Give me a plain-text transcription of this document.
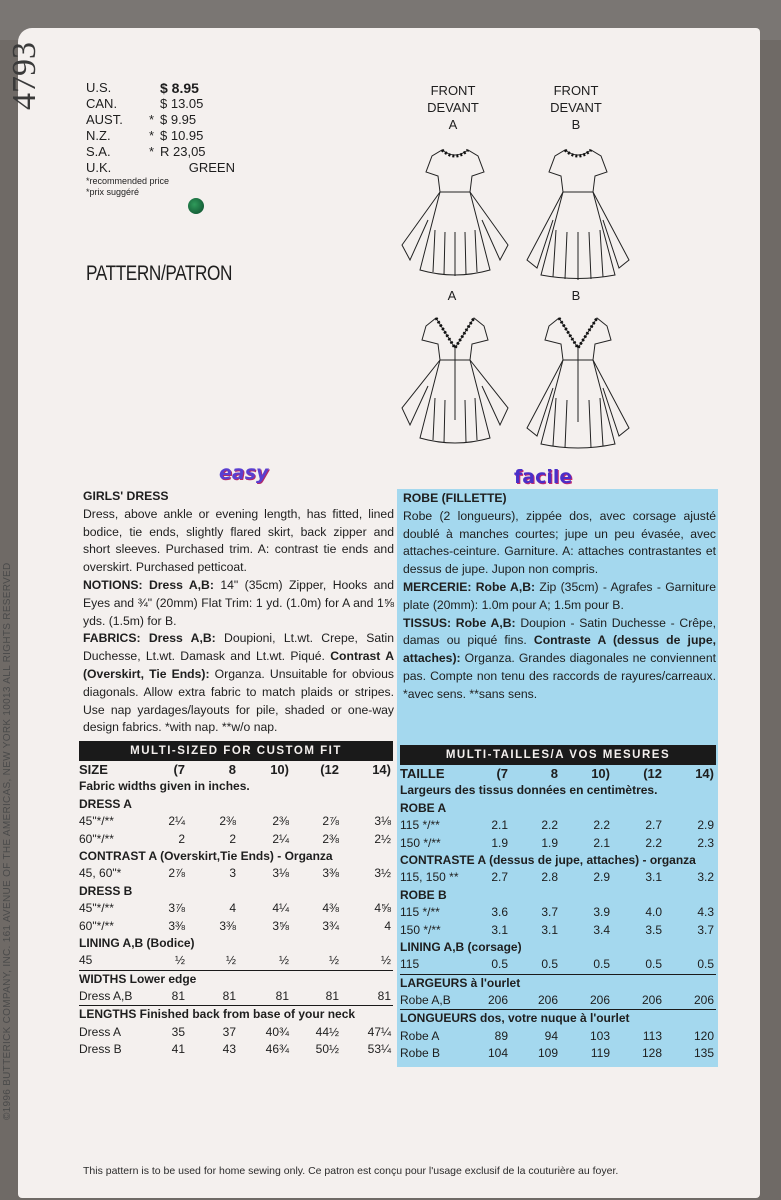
4793
©1996 BUTTERICK COMPANY, INC. 161 AVENUE OF THE AMERICAS, NEW YORK 10013 ALL RIGHTS RESERVED
U.S.	$ 8.95
CAN.	$ 13.05
AUST.	* $ 9.95
N.Z.	* $ 10.95
S.A.	* R 23,05
U.K.	GREEN
*recommended price
*prix suggéré
PATTERN/PATRON
FRONT
DEVANT
A
FRONT
DEVANT
B
A	B
easy	facile
GIRLS' DRESS
Dress, above ankle or evening length, has fitted, lined bodice, tie ends, slightly flared skirt, back zipper and short sleeves. Purchased trim. A: contrast tie ends and overskirt. Purchased petticoat.
NOTIONS: Dress A,B: 14" (35cm) Zipper, Hooks and Eyes and ¾" (20mm) Flat Trim: 1 yd. (1.0m) for A and 1⅝ yds. (1.5m) for B.
FABRICS: Dress A,B: Doupioni, Lt.wt. Crepe, Satin Duchesse, Lt.wt. Damask and Lt.wt. Piqué. Contrast A (Overskirt, Tie Ends): Organza. Unsuitable for obvious diagonals. Allow extra fabric to match plaids or stripes. Use nap yardages/layouts for pile, shaded or one-way design fabrics. *with nap. **w/o nap.
ROBE (FILLETTE)
Robe (2 longueurs), zippée dos, avec corsage ajusté doublé à manches courtes; jupe un peu évasée, avec attaches-ceinture. Garniture. A: attaches contrastantes et dessus de jupe. Jupon non compris.
MERCERIE: Robe A,B: Zip (35cm) - Agrafes - Garniture plate (20mm): 1.0m pour A; 1.5m pour B.
TISSUS: Robe A,B: Doupion - Satin Duchesse - Crêpe, damas ou piqué fins. Contraste A (dessus de jupe, attaches): Organza. Grandes diagonales ne conviennent pas. Compte non tenu des raccords de rayures/carreaux. *avec sens. **sans sens.
MULTI-SIZED FOR CUSTOM FIT
SIZE	(7	8	10) (12	14)
Fabric widths given in inches.
DRESS A
45"*/**	2¼	2⅜	2⅜	2⅞	3⅛
60"*/**	2	2	2¼	2⅜	2½
CONTRAST A (Overskirt,Tie Ends) - Organza
45, 60"*	2⅞	3	3⅛	3⅜	3½
DRESS B
45"*/**	3⅞	4	4¼	4⅜	4⅝
60"*/**	3⅜	3⅜	3⅝	3¾	4
LINING A,B (Bodice)
45	½	½	½	½	½
WIDTHS Lower edge
Dress A,B	81	81	81	81	81
LENGTHS Finished back from base of your neck
Dress A	35	37 40¾ 44½ 47¼
Dress B	41	43 46¾ 50½ 53¼
MULTI-TAILLES/A VOS MESURES
TAILLE	(7	8	10)	(12	14)
Largeurs des tissus données en centimètres.
ROBE A
115 */**	2.1	2.2	2.2	2.7	2.9
150 */**	1.9	1.9	2.1	2.2	2.3
CONTRASTE A (dessus de jupe, attaches) - organza
115, 150 **	2.7	2.8	2.9	3.1	3.2
ROBE B
115 */**	3.6	3.7	3.9	4.0	4.3
150 */**	3.1	3.1	3.4	3.5	3.7
LINING A,B (corsage)
115	0.5	0.5	0.5	0.5	0.5
LARGEURS à l'ourlet
Robe A,B	206 206	206	206	206
LONGUEURS dos, votre nuque à l'ourlet
Robe A	89	94	103	113	120
Robe B	104 109	119	128	135
This pattern is to be used for home sewing only. Ce patron est conçu pour l'usage exclusif de la couturière au foyer.
